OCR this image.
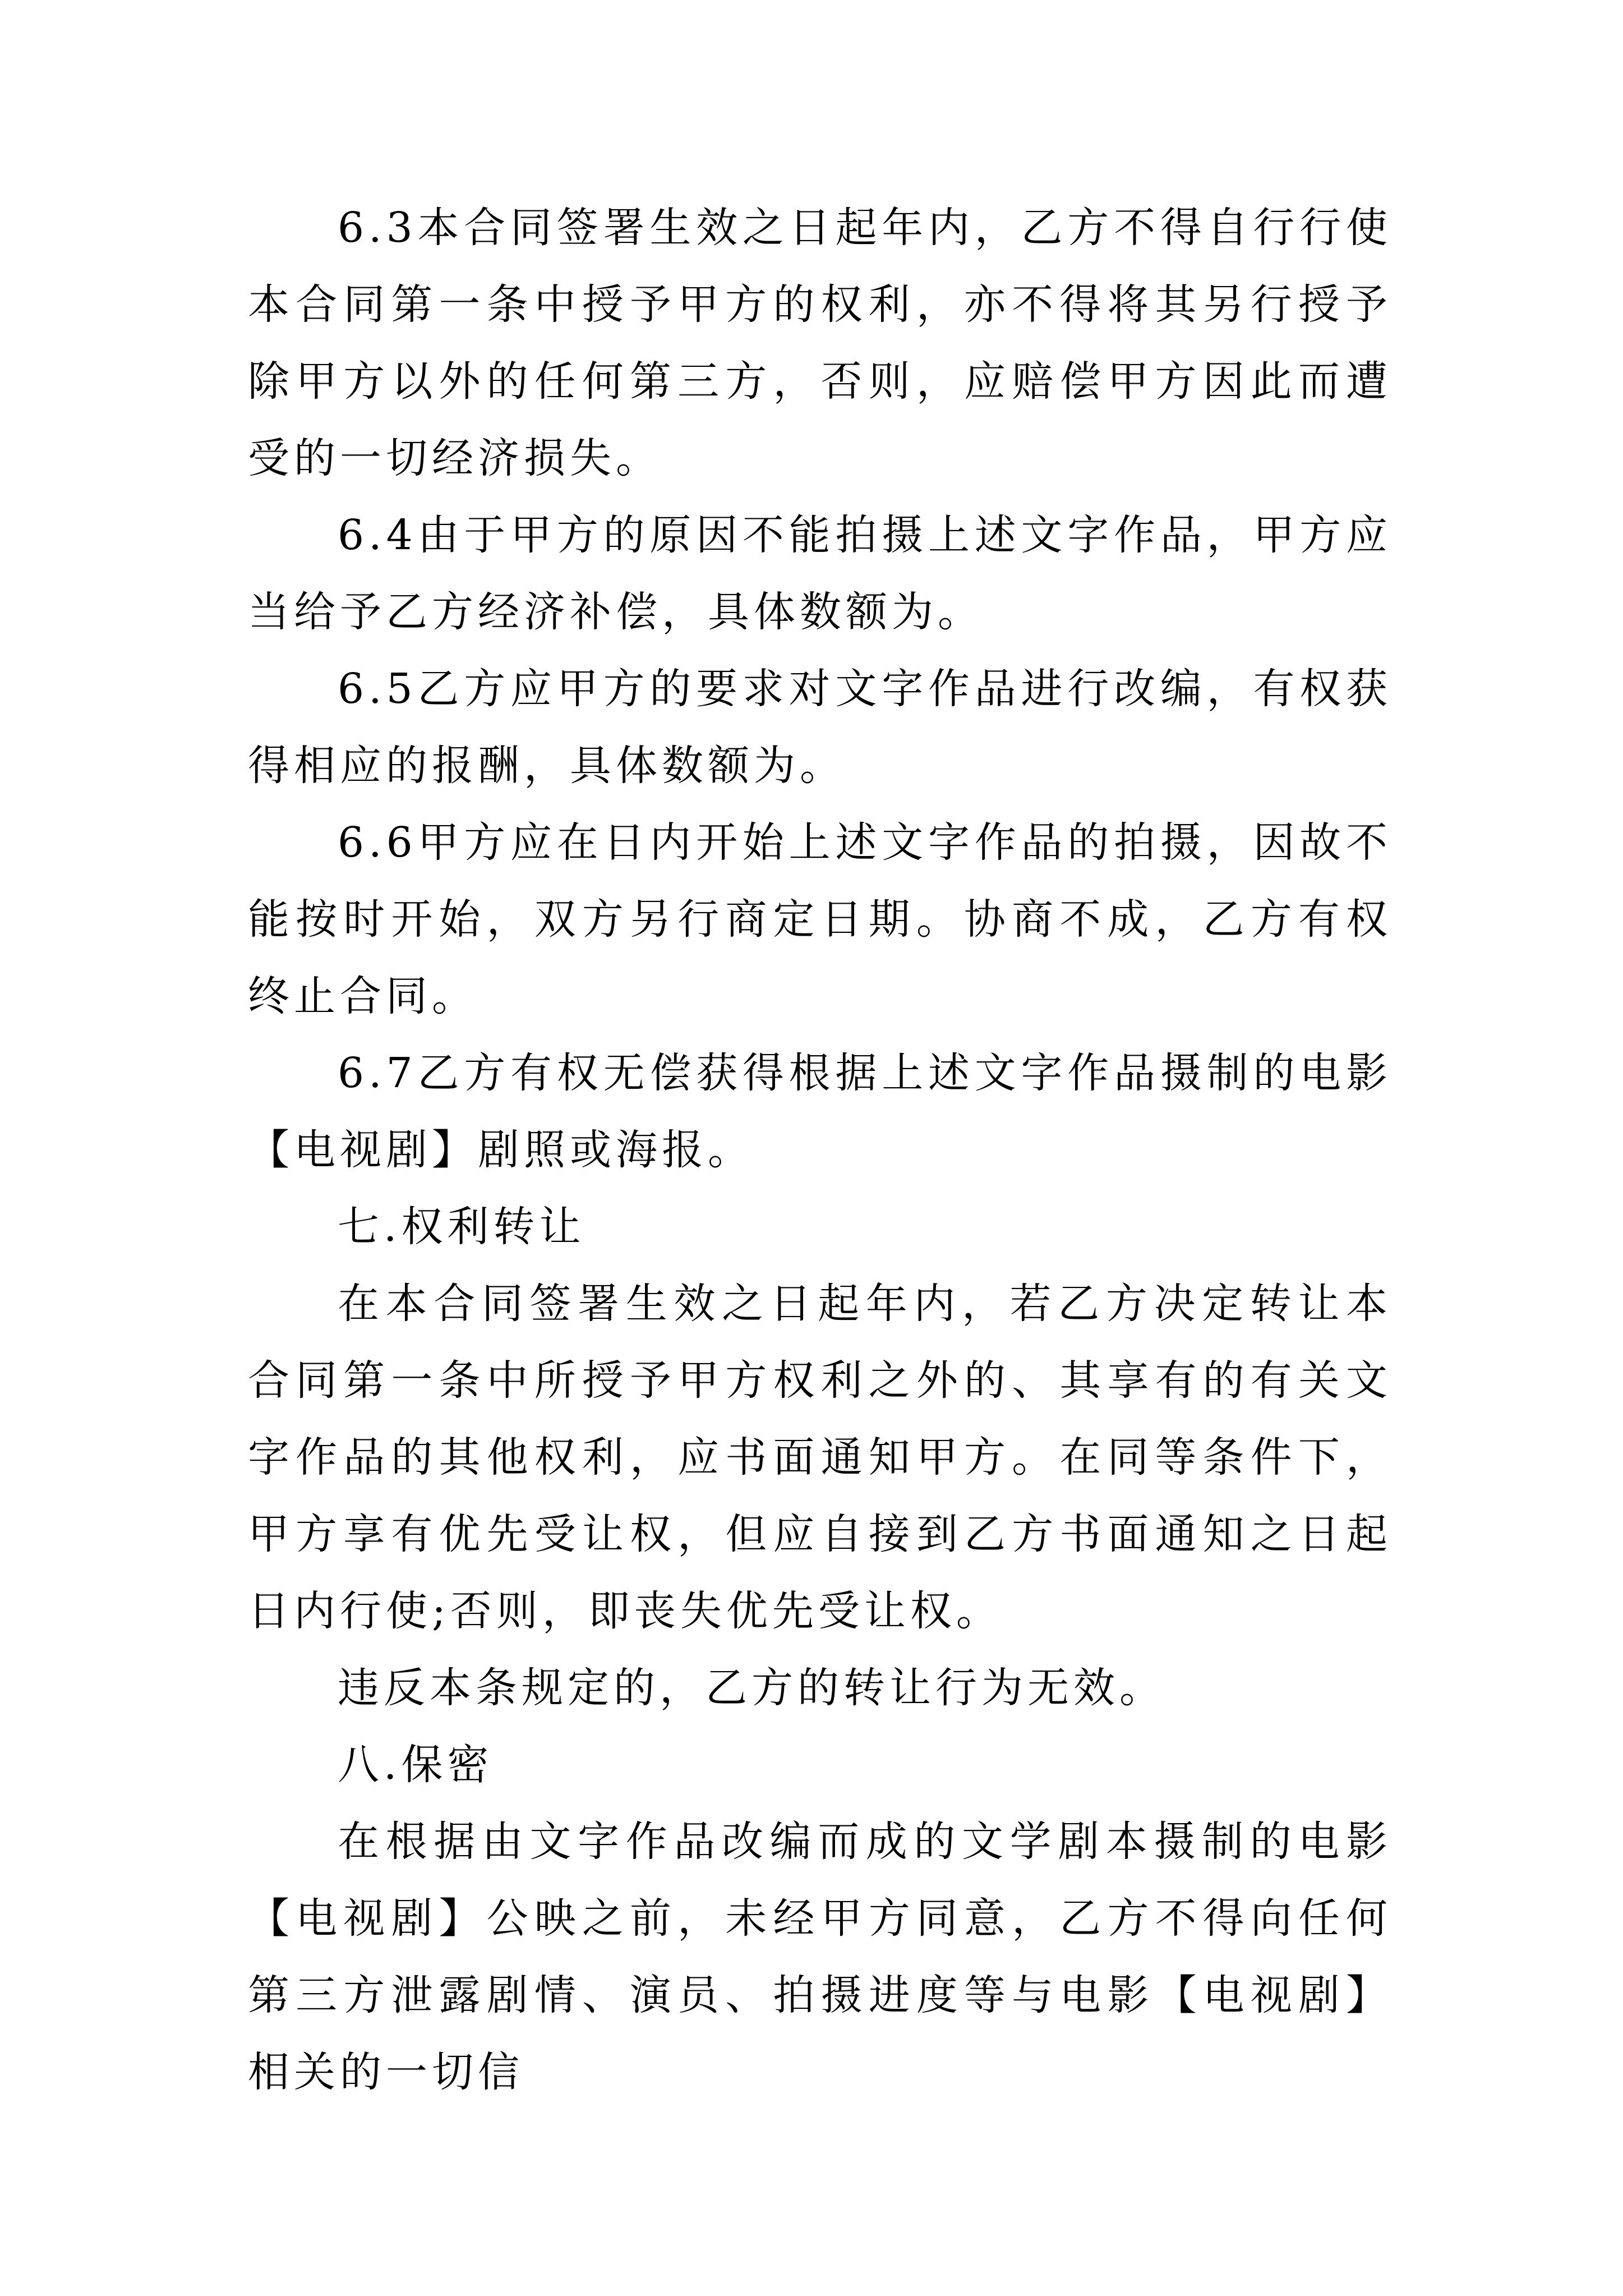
6.3本合同签署生效之日起年内，乙方不得自行行使本合同第一条中授予甲方的权利，亦不得将其另行授予除甲方以外的任何第三方，否则，应赔偿甲方因此而遭受的一切经济损失。

6.4由于甲方的原因不能拍摄上述文字作品，甲方应当给予乙方经济补偿，具体数额为。

6.5乙方应甲方的要求对文字作品进行改编，有权获得相应的报酬，具体数额为。

6.6甲方应在日内开始上述文字作品的拍摄，因故不能按时开始，双方另行商定日期。协商不成，乙方有权终止合同。

6.7乙方有权无偿获得根据上述文字作品摄制的电影【电视剧】剧照或海报。

七.权利转让

在本合同签署生效之日起年内，若乙方决定转让本合同第一条中所授予甲方权利之外的、其享有的有关文字作品的其他权利，应书面通知甲方。在同等条件下，甲方享有优先受让权，但应自接到乙方书面通知之日起日内行使;否则，即丧失优先受让权。

违反本条规定的，乙方的转让行为无效。

八.保密

在根据由文字作品改编而成的文学剧本摄制的电影【电视剧】公映之前，未经甲方同意，乙方不得向任何第三方泄露剧情、演员、拍摄进度等与电影【电视剧】相关的一切信
